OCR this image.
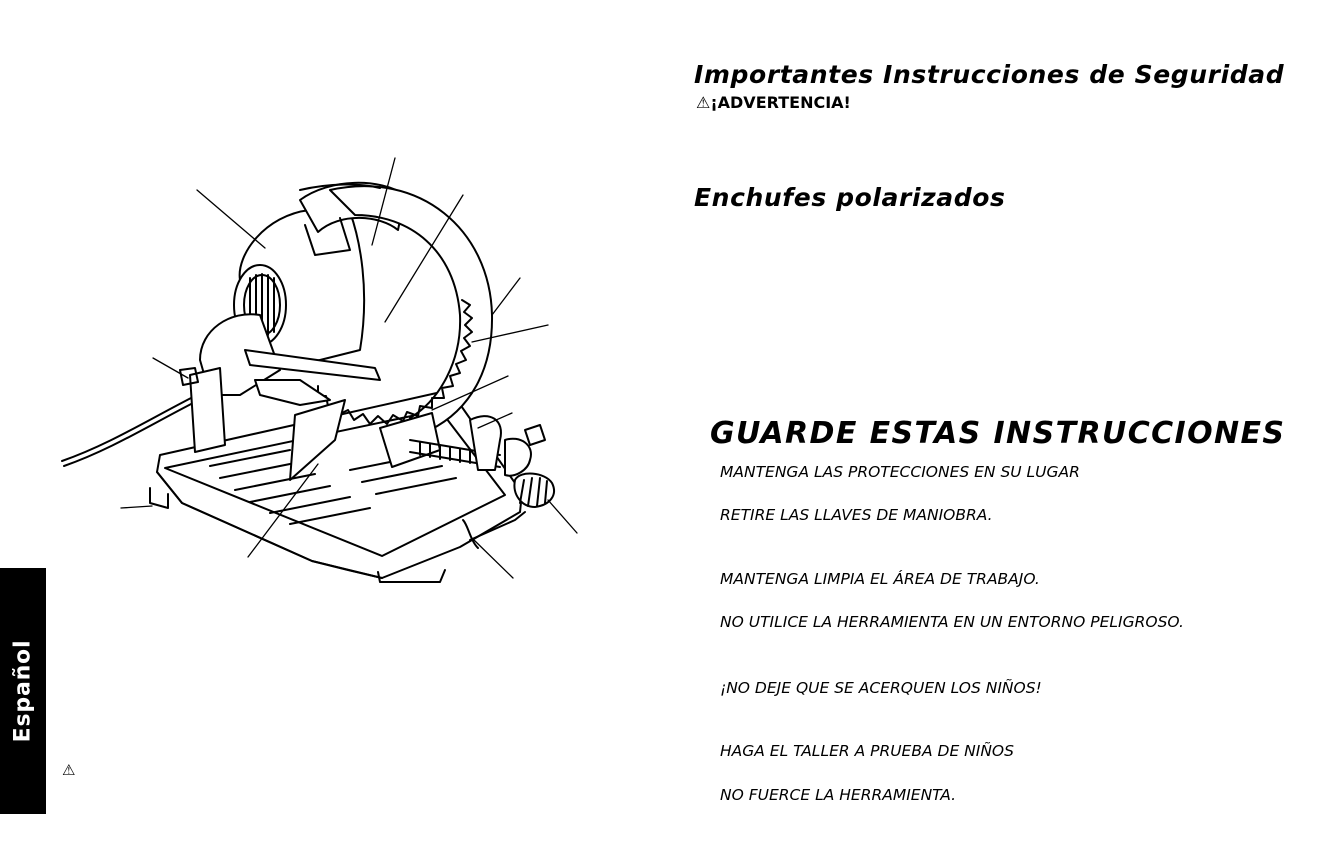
Español
⚠
Importantes Instrucciones de Seguridad
⚠¡ADVERTENCIA!
Enchufes polarizados
GUARDE ESTAS INSTRUCCIONES
MANTENGA LAS PROTECCIONES EN SU LUGAR
RETIRE LAS LLAVES DE MANIOBRA.
MANTENGA LIMPIA EL ÁREA DE TRABAJO.
NO UTILICE LA HERRAMIENTA EN UN ENTORNO PELIGROSO.
¡NO DEJE QUE SE ACERQUEN LOS NIÑOS!
HAGA EL TALLER A PRUEBA DE NIÑOS
NO FUERCE LA HERRAMIENTA.
